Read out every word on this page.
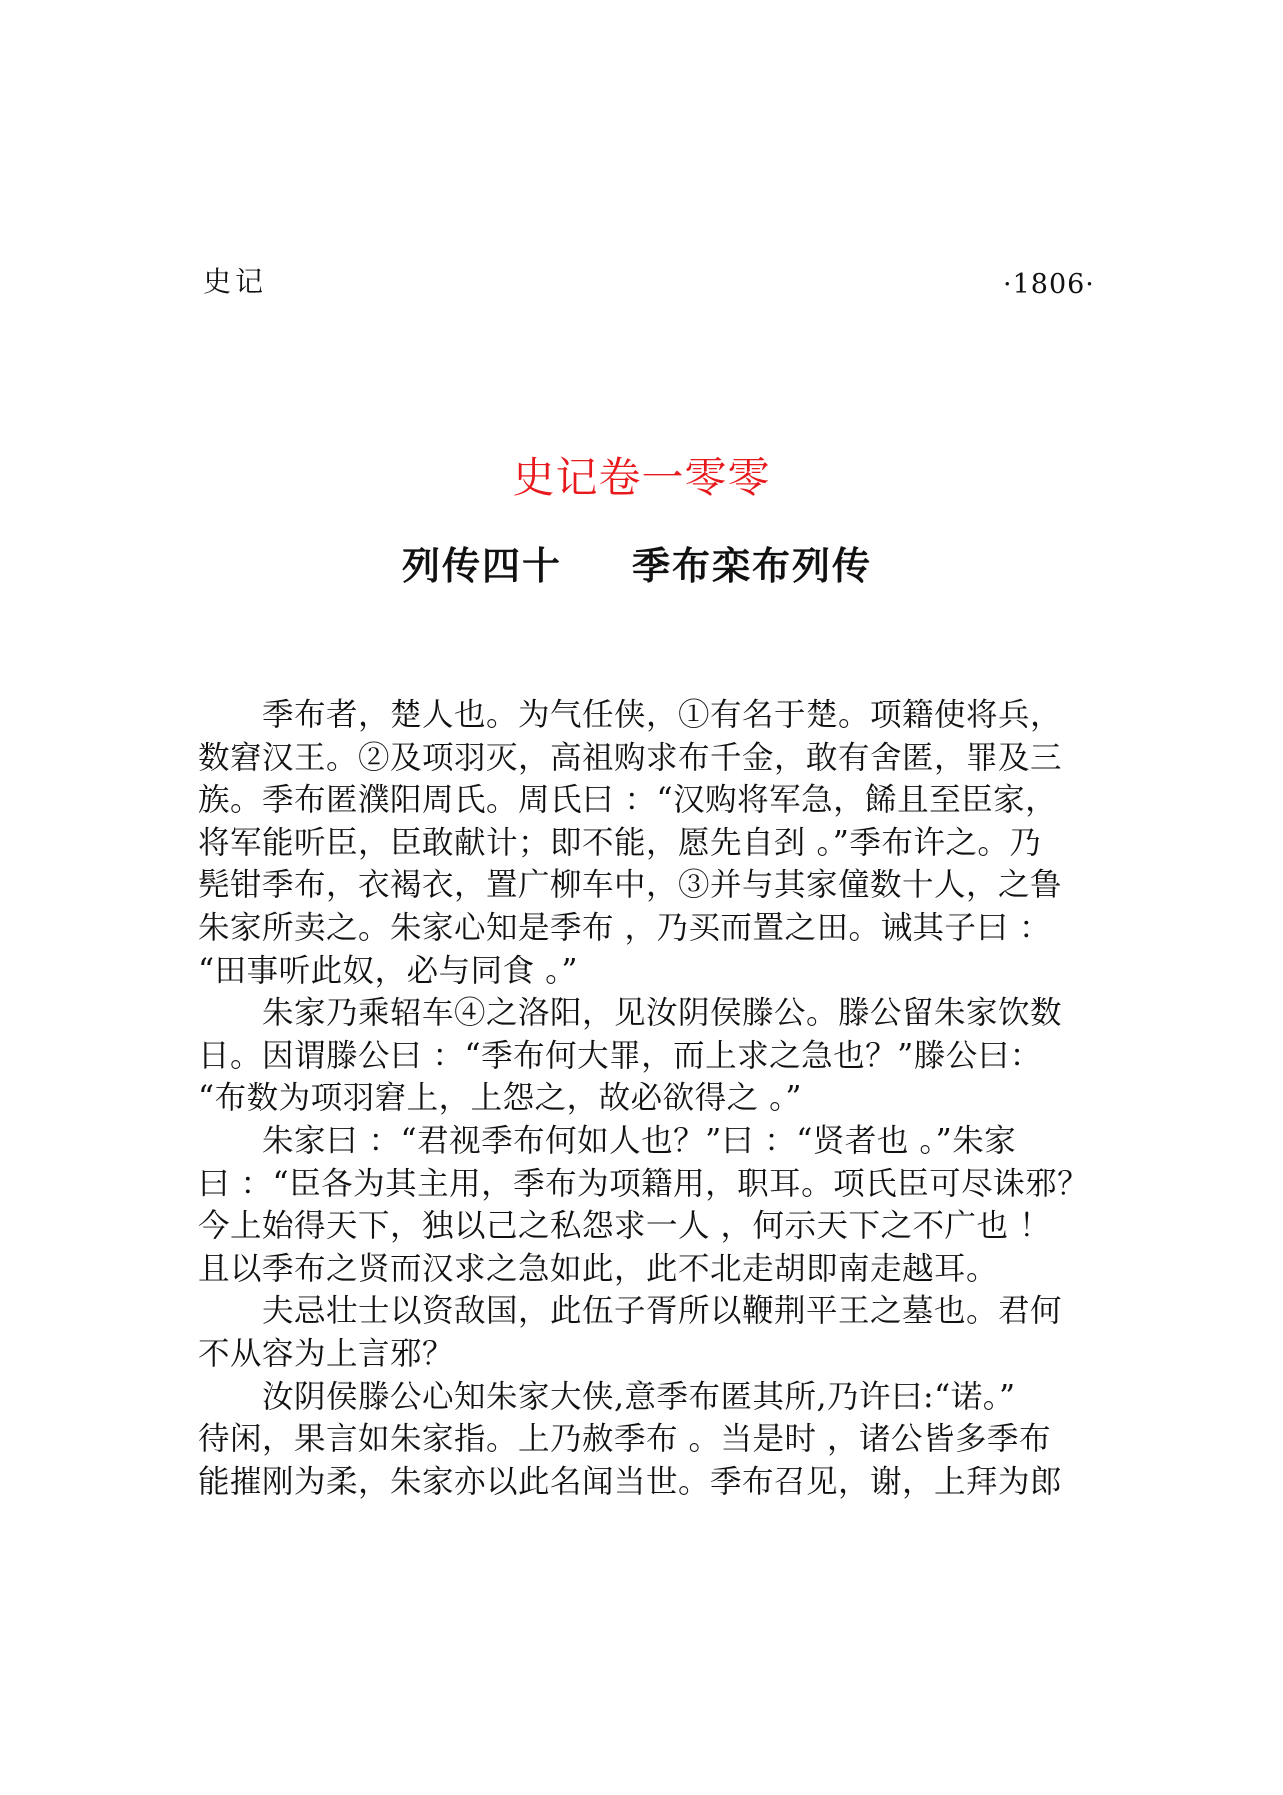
史记	·1806·
史记卷一零零
列传四十 季布栾布列传
　　季布者，楚人也。为气任侠，①有名于楚。项籍使将兵，
数窘汉王。②及项羽灭，高祖购求布千金，敢有舍匿，罪及三
族。季布匿濮阳周氏。周氏曰 ：“汉购将军急，餙且至臣家，
将军能听臣，臣敢献计；即不能，愿先自刭 。”季布许之。乃
髡钳季布，衣褐衣，置广柳车中，③并与其家僮数十人，之鲁
朱家所卖之。朱家心知是季布 ，乃买而置之田。诫其子曰 ：
“田事听此奴，必与同食 。”
　　朱家乃乘轺车④之洛阳，见汝阴侯滕公。滕公留朱家饮数
日。因谓滕公曰 ：“季布何大罪，而上求之急也？”滕公曰：
“布数为项羽窘上，上怨之，故必欲得之 。”
　　朱家曰 ：“君视季布何如人也？”曰 ：“贤者也 。”朱家
曰 ：“臣各为其主用，季布为项籍用，职耳。项氏臣可尽诛邪？
今上始得天下，独以己之私怨求一人 ，何示天下之不广也 ！
且以季布之贤而汉求之急如此，此不北走胡即南走越耳。
　　夫忌壮士以资敌国，此伍子胥所以鞭荆平王之墓也。君何
不从容为上言邪？
　　汝阴侯滕公心知朱家大侠,意季布匿其所,乃许曰:“诺。”
待闲，果言如朱家指。上乃赦季布 。当是时 ，诸公皆多季布
能摧刚为柔，朱家亦以此名闻当世。季布召见，谢，上拜为郎
